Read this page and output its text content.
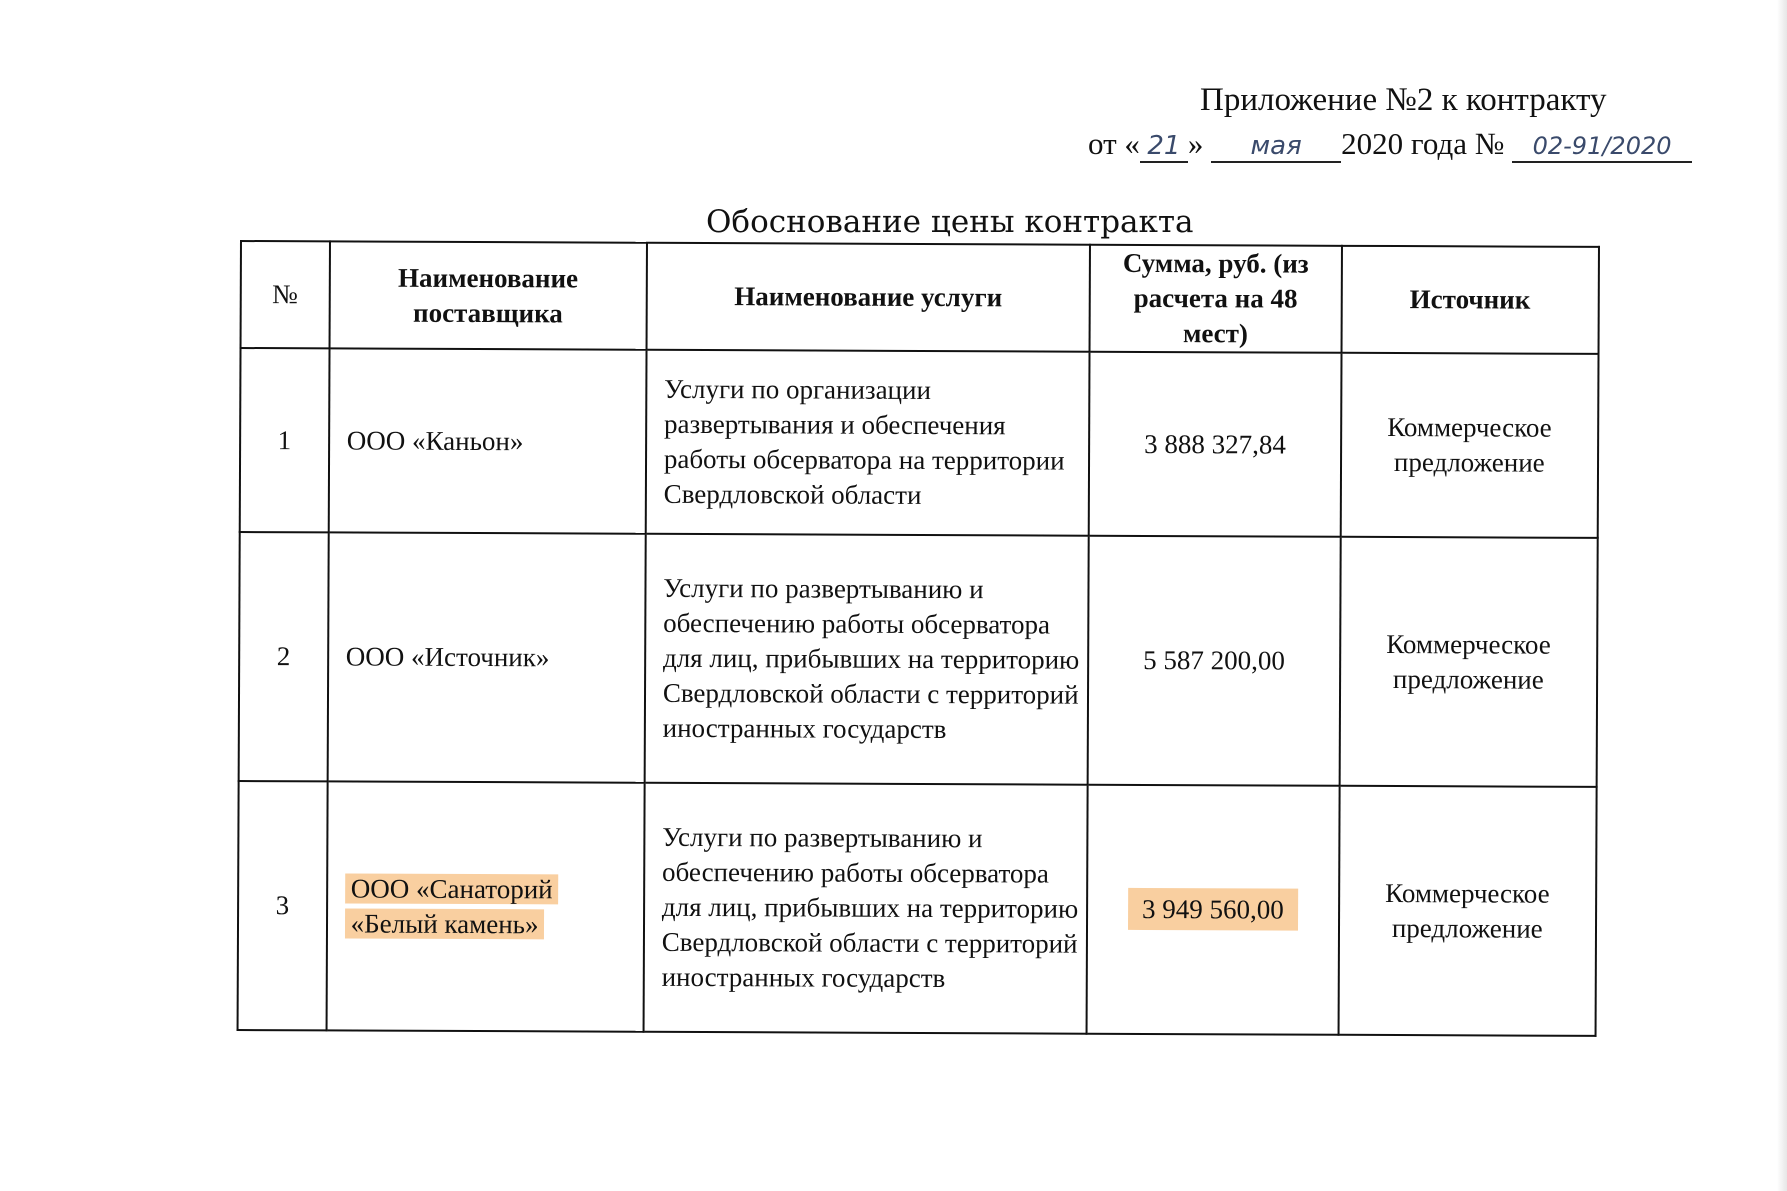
Приложение №2 к контракту
от « 21 » мая 2020 года № 02-91/2020
Обоснование цены контракта
№	Наименование поставщика	Наименование услуги	Сумма, руб. (из расчета на 48 мест)	Источник
1	ООО «Каньон»	Услуги по организации развертывания и обеспечения работы обсерватора на территории Свердловской области	3 888 327,84	Коммерческое предложение
2	ООО «Источник»	Услуги по развертыванию и обеспечению работы обсерватора для лиц, прибывших на территорию Свердловской области с территорий иностранных государств	5 587 200,00	Коммерческое предложение
3	ООО «Санаторий «Белый камень»	Услуги по развертыванию и обеспечению работы обсерватора для лиц, прибывших на территорию Свердловской области с территорий иностранных государств	3 949 560,00	Коммерческое предложение
